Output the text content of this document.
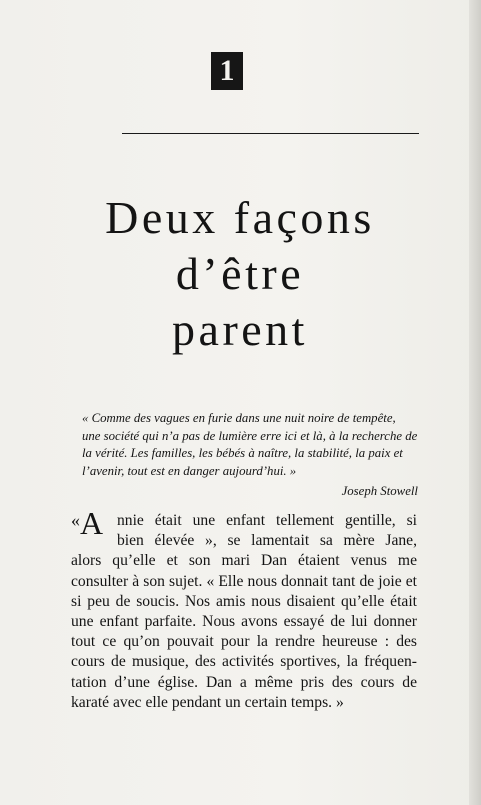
1
Deux façons
d’être
parent
« Comme des vagues en furie dans une nuit noire de tempête,
une société qui n’a pas de lumière erre ici et là, à la recherche de
la vérité. Les familles, les bébés à naître, la stabilité, la paix et
l’avenir, tout est en danger aujourd’hui. »
Joseph Stowell
«A nnie était une enfant tellement gentille, si
bien élevée », se lamentait sa mère Jane,
alors qu’elle et son mari Dan étaient venus me
consulter à son sujet. « Elle nous donnait tant de joie et
si peu de soucis. Nos amis nous disaient qu’elle était
une enfant parfaite. Nous avons essayé de lui donner
tout ce qu’on pouvait pour la rendre heureuse : des
cours de musique, des activités sportives, la fréquen-
tation d’une église. Dan a même pris des cours de
karaté avec elle pendant un certain temps. »
